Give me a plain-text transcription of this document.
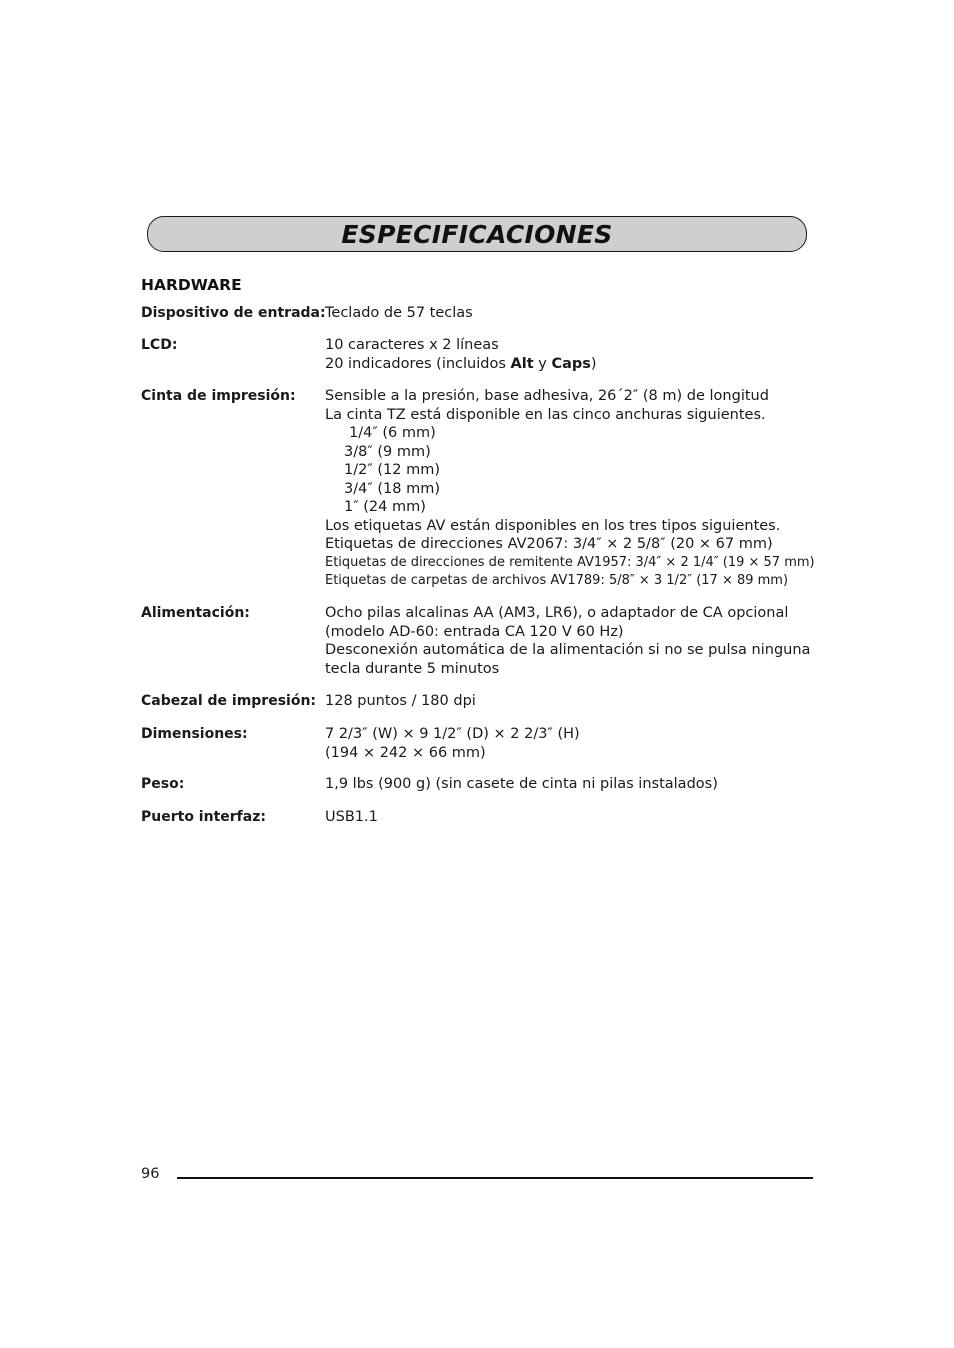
ESPECIFICACIONES
HARDWARE
Dispositivo de entrada: Teclado de 57 teclas
LCD:	10 caracteres x 2 líneas
20 indicadores (incluidos Alt y Caps)
Cinta de impresión:	Sensible a la presión, base adhesiva, 26´2″ (8 m) de longitud
La cinta TZ está disponible en las cinco anchuras siguientes.
1/4″ (6 mm)
3/8″ (9 mm)
1/2″ (12 mm)
3/4″ (18 mm)
1″ (24 mm)
Los etiquetas AV están disponibles en los tres tipos siguientes.
Etiquetas de direcciones AV2067: 3/4″ × 2 5/8″ (20 × 67 mm)
Etiquetas de direcciones de remitente AV1957: 3/4″ × 2 1/4″ (19 × 57 mm)
Etiquetas de carpetas de archivos AV1789: 5/8″ × 3 1/2″ (17 × 89 mm)
Alimentación:	Ocho pilas alcalinas AA (AM3, LR6), o adaptador de CA opcional
(modelo AD-60: entrada CA 120 V 60 Hz)
Desconexión automática de la alimentación si no se pulsa ninguna
tecla durante 5 minutos
Cabezal de impresión: 128 puntos / 180 dpi
Dimensiones:	7 2/3″ (W) × 9 1/2″ (D) × 2 2/3″ (H)
(194 × 242 × 66 mm)
Peso:	1,9 lbs (900 g) (sin casete de cinta ni pilas instalados)
Puerto interfaz:	USB1.1
96
